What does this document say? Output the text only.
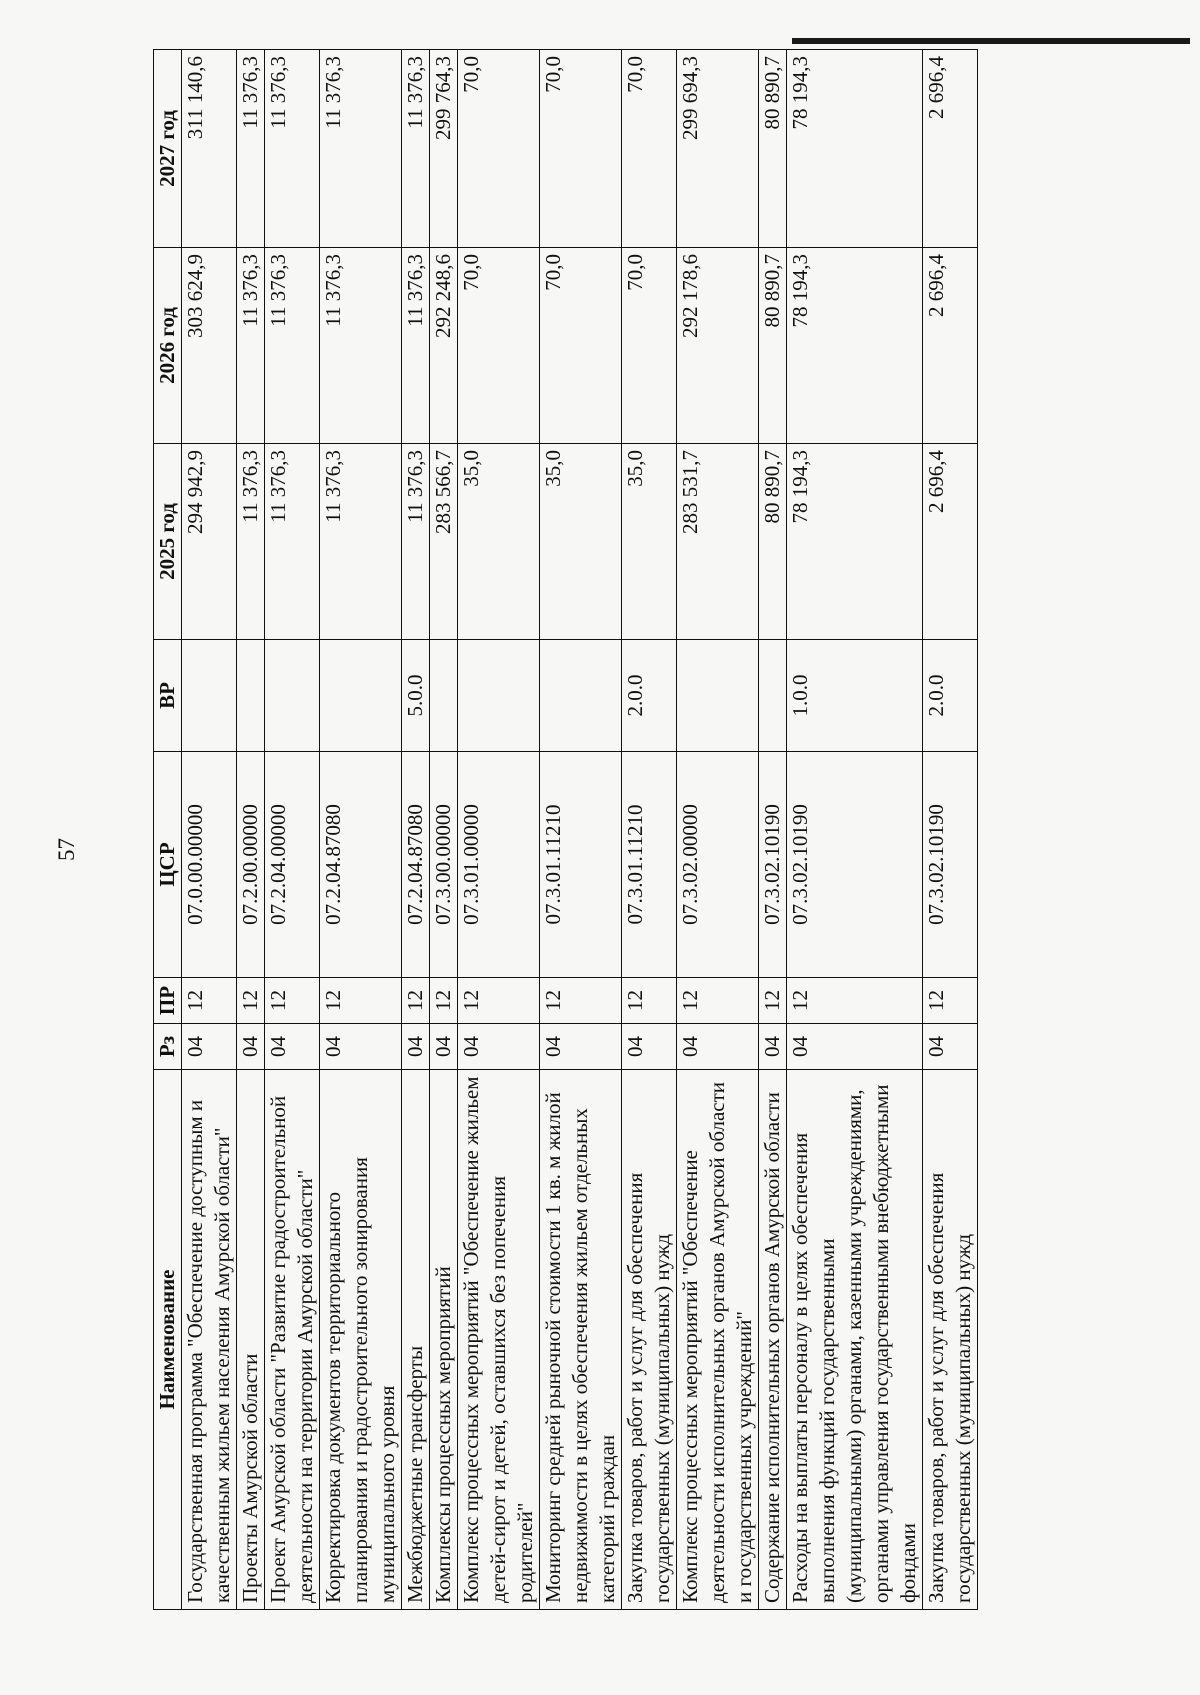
57
Наименование	Рз	ПР	ЦСР	ВР	2025 год	2026 год	2027 год
Государственная программа "Обеспечение доступным и качественным жильем населения Амурской области"	04	12	07.0.00.00000		294 942,9	303 624,9	311 140,6
Проекты Амурской области	04	12	07.2.00.00000		11 376,3	11 376,3	11 376,3
Проект Амурской области "Развитие градостроительной деятельности на территории Амурской области"	04	12	07.2.04.00000		11 376,3	11 376,3	11 376,3
Корректировка документов территориального планирования и градостроительного зонирования муниципального уровня	04	12	07.2.04.87080		11 376,3	11 376,3	11 376,3
Межбюджетные трансферты	04	12	07.2.04.87080	5.0.0	11 376,3	11 376,3	11 376,3
Комплексы процессных мероприятий	04	12	07.3.00.00000		283 566,7	292 248,6	299 764,3
Комплекс процессных мероприятий "Обеспечение жильем детей-сирот и детей, оставшихся без попечения родителей"	04	12	07.3.01.00000		35,0	70,0	70,0
Мониторинг средней рыночной стоимости 1 кв. м жилой недвижимости в целях обеспечения жильем отдельных категорий граждан	04	12	07.3.01.11210		35,0	70,0	70,0
Закупка товаров, работ и услуг для обеспечения государственных (муниципальных) нужд	04	12	07.3.01.11210	2.0.0	35,0	70,0	70,0
Комплекс процессных мероприятий "Обеспечение деятельности исполнительных органов Амурской области и государственных учреждений"	04	12	07.3.02.00000		283 531,7	292 178,6	299 694,3
Содержание исполнительных органов Амурской области	04	12	07.3.02.10190		80 890,7	80 890,7	80 890,7
Расходы на выплаты персоналу в целях обеспечения выполнения функций государственными (муниципальными) органами, казенными учреждениями, органами управления государственными внебюджетными фондами	04	12	07.3.02.10190	1.0.0	78 194,3	78 194,3	78 194,3
Закупка товаров, работ и услуг для обеспечения государственных (муниципальных) нужд	04	12	07.3.02.10190	2.0.0	2 696,4	2 696,4	2 696,4
